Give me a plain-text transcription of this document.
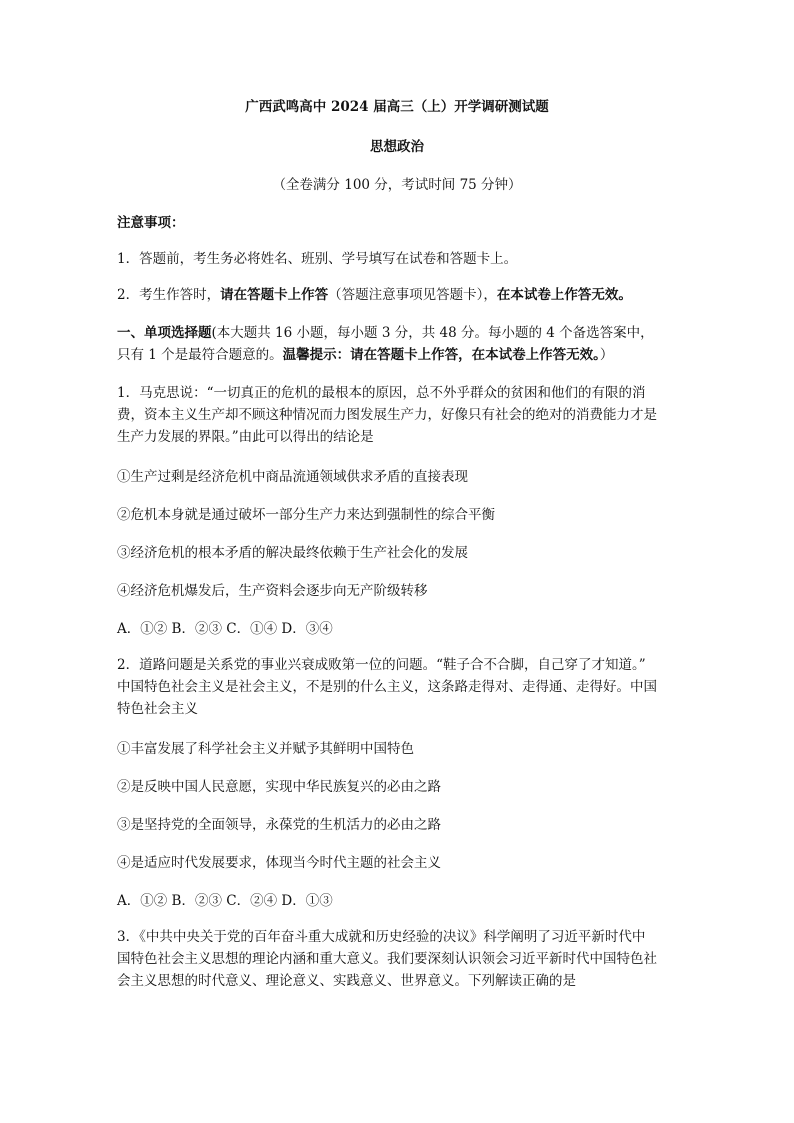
广西武鸣高中 2024 届高三（上）开学调研测试题
思想政治
（全卷满分 100 分，考试时间 75 分钟）
注意事项：
1．答题前，考生务必将姓名、班别、学号填写在试卷和答题卡上。
2．考生作答时，请在答题卡上作答（答题注意事项见答题卡），在本试卷上作答无效。
一、单项选择题(本大题共 16 小题，每小题 3 分，共 48 分。每小题的 4 个备选答案中，
只有 1 个是最符合题意的。温馨提示：请在答题卡上作答，在本试卷上作答无效。）
1．马克思说：“一切真正的危机的最根本的原因，总不外乎群众的贫困和他们的有限的消
费，资本主义生产却不顾这种情况而力图发展生产力，好像只有社会的绝对的消费能力才是
生产力发展的界限。”由此可以得出的结论是
①生产过剩是经济危机中商品流通领域供求矛盾的直接表现
②危机本身就是通过破坏一部分生产力来达到强制性的综合平衡
③经济危机的根本矛盾的解决最终依赖于生产社会化的发展
④经济危机爆发后，生产资料会逐步向无产阶级转移
A．①② B．②③ C．①④ D．③④
2．道路问题是关系党的事业兴衰成败第一位的问题。“鞋子合不合脚，自己穿了才知道。”
中国特色社会主义是社会主义，不是别的什么主义，这条路走得对、走得通、走得好。中国
特色社会主义
①丰富发展了科学社会主义并赋予其鲜明中国特色
②是反映中国人民意愿，实现中华民族复兴的必由之路
③是坚持党的全面领导，永葆党的生机活力的必由之路
④是适应时代发展要求，体现当今时代主题的社会主义
A．①② B．②③ C．②④ D．①③
3．《中共中央关于党的百年奋斗重大成就和历史经验的决议》科学阐明了习近平新时代中
国特色社会主义思想的理论内涵和重大意义。我们要深刻认识领会习近平新时代中国特色社
会主义思想的时代意义、理论意义、实践意义、世界意义。下列解读正确的是
